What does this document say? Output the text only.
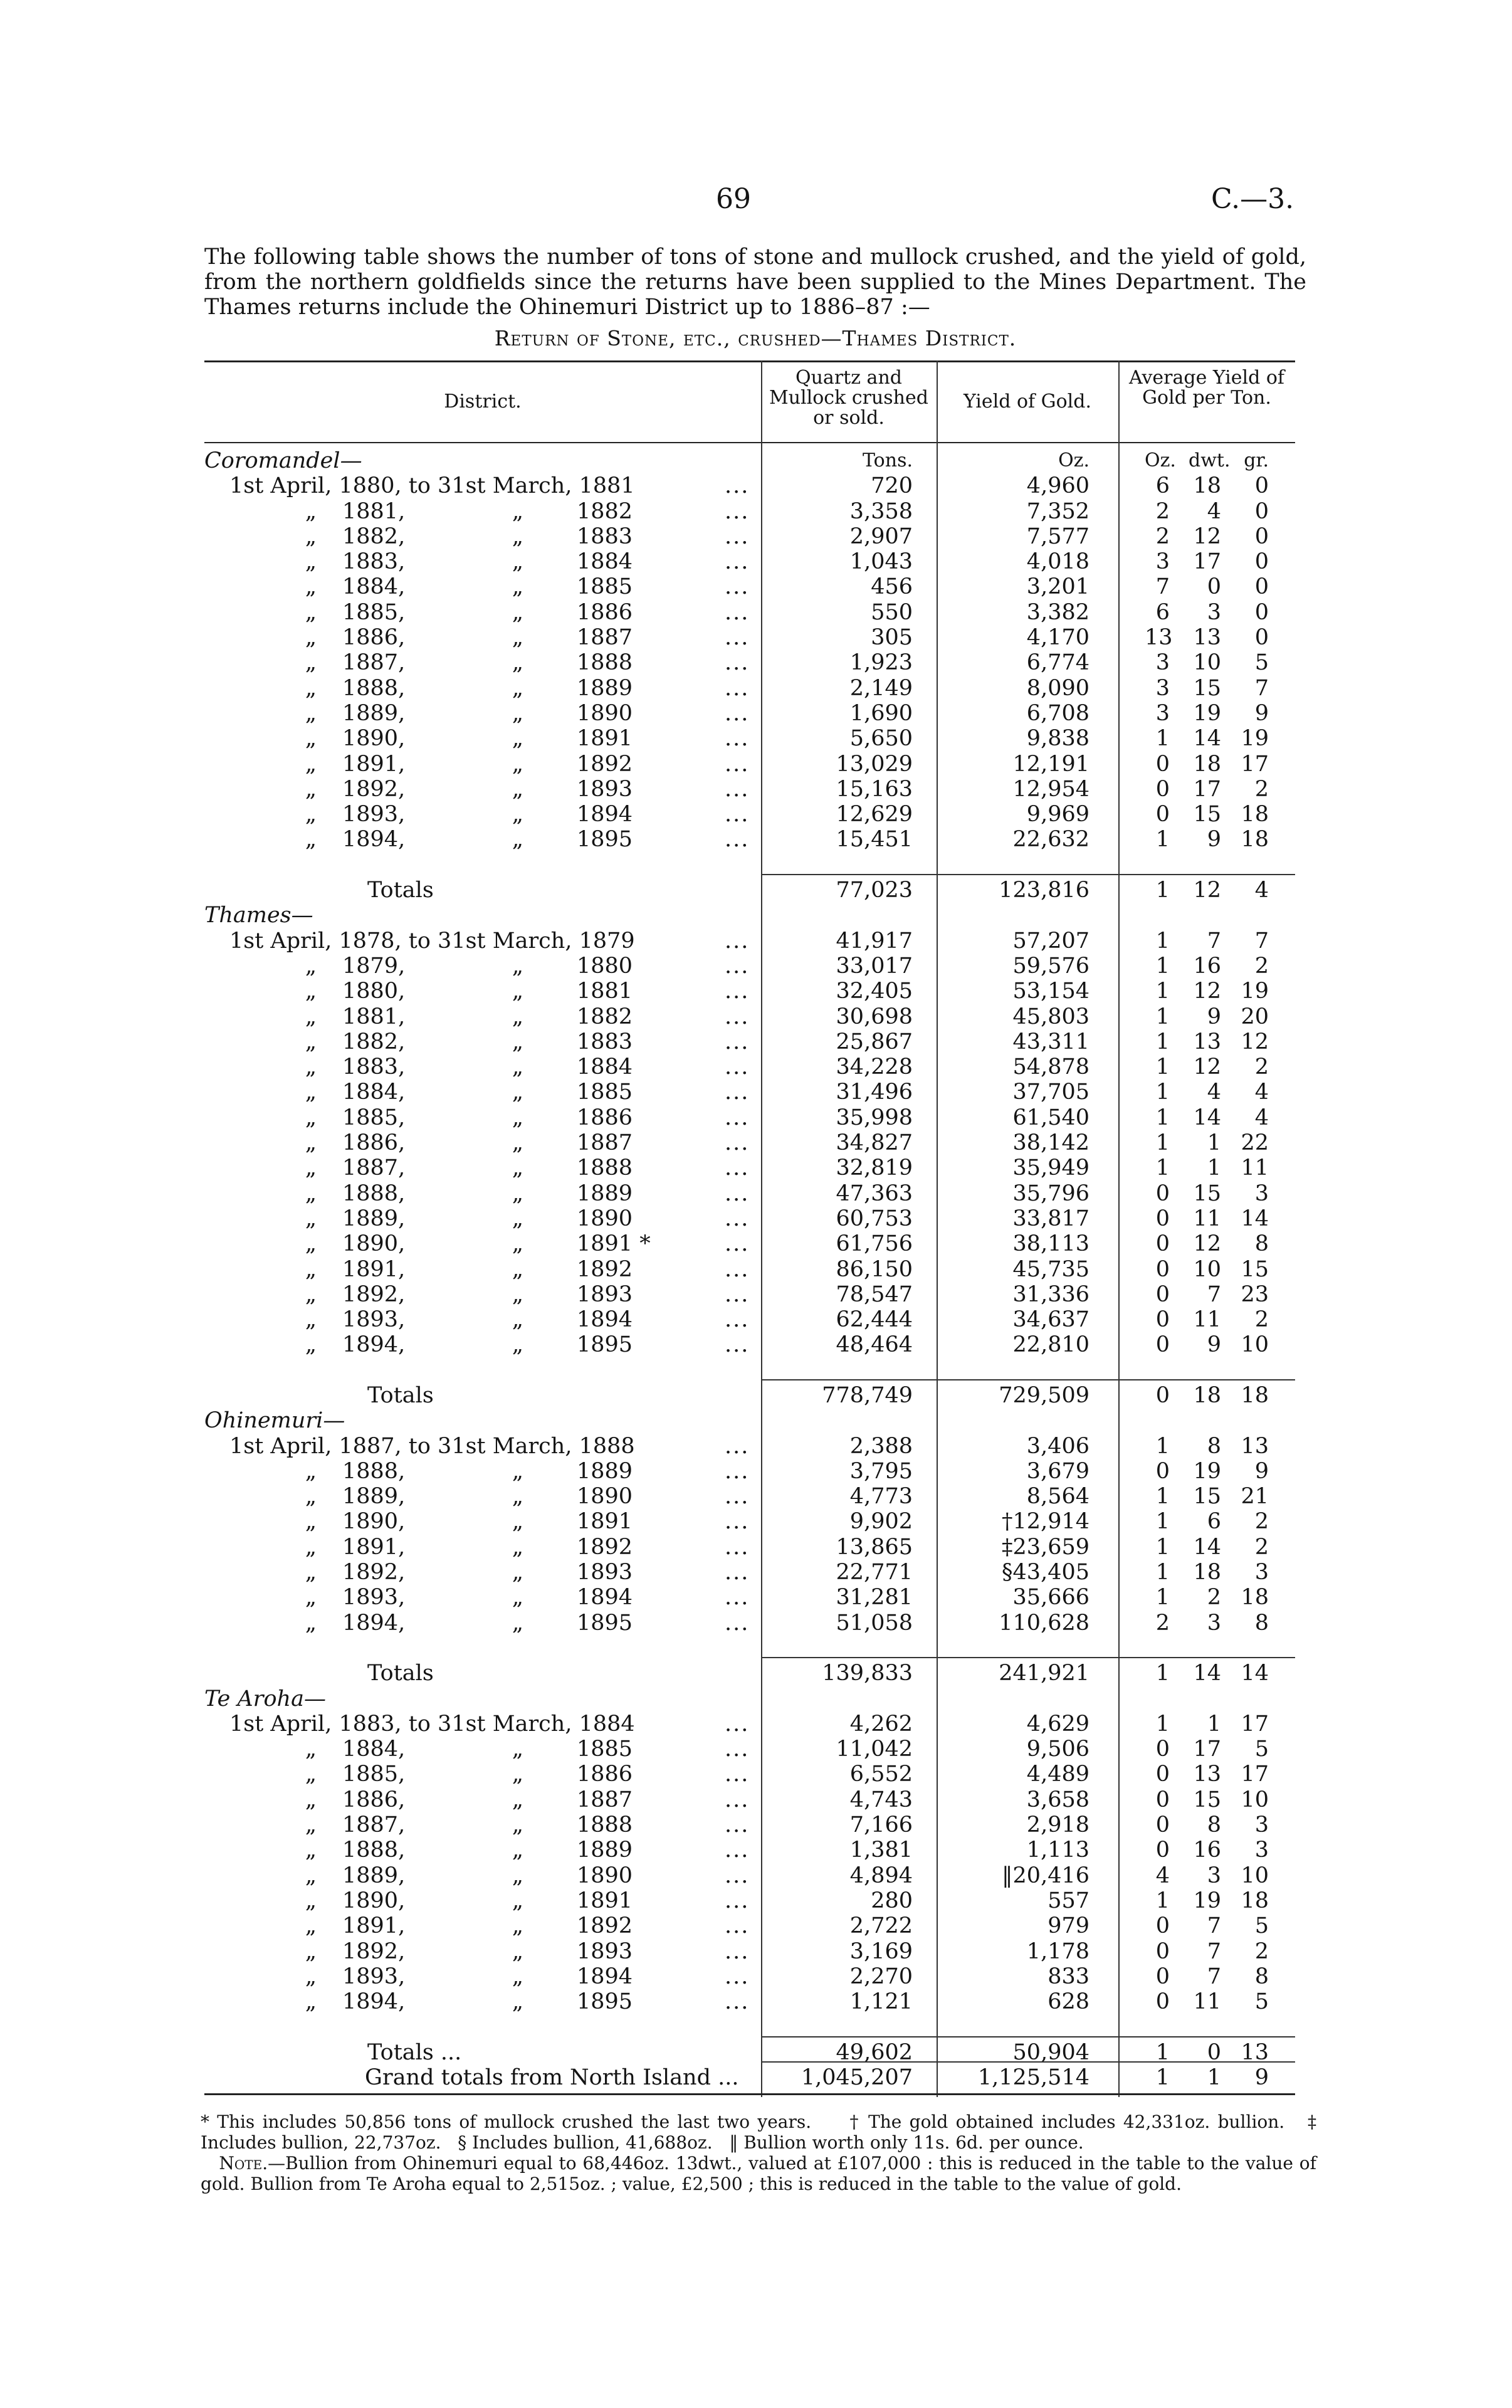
69	C.—3.
The following table shows the number of tons of stone and mullock crushed, and the yield of gold, from the northern goldfields since the returns have been supplied to the Mines Department. The Thames returns include the Ohinemuri District up to 1886–87 :—
Return of Stone, etc., crushed—Thames District.
District.
Quartz and Mullock crushed or sold.
Yield of Gold.
Average Yield of Gold per Ton.
Coromandel—	Tons.	Oz.	Oz. dwt. gr.
1st April, 1880, to 31st March, 1881	...	720	4,960	6 18	0
„	1881,	„	1882	...	3,358	7,352	2	4	0
„	1882,	„	1883	...	2,907	7,577	2 12	0
„	1883,	„	1884	...	1,043	4,018	3 17	0
„	1884,	„	1885	...	456	3,201	7	0	0
„	1885,	„	1886	...	550	3,382	6	3	0
„	1886,	„	1887	...	305	4,170	13 13	0
„	1887,	„	1888	...	1,923	6,774	3 10	5
„	1888,	„	1889	...	2,149	8,090	3 15	7
„	1889,	„	1890	...	1,690	6,708	3 19	9
„	1890,	„	1891	...	5,650	9,838	1 14 19
„	1891,	„	1892	...	13,029	12,191	0 18 17
„	1892,	„	1893	...	15,163	12,954	0 17	2
„	1893,	„	1894	...	12,629	9,969	0 15 18
„	1894,	„	1895	...	15,451	22,632	1	9 18
Totals	77,023	123,816	1 12	4
Thames—
1st April, 1878, to 31st March, 1879	...	41,917	57,207	1	7	7
„	1879,	„	1880	...	33,017	59,576	1 16	2
„	1880,	„	1881	...	32,405	53,154	1 12 19
„	1881,	„	1882	...	30,698	45,803	1	9 20
„	1882,	„	1883	...	25,867	43,311	1 13 12
„	1883,	„	1884	...	34,228	54,878	1 12	2
„	1884,	„	1885	...	31,496	37,705	1	4	4
„	1885,	„	1886	...	35,998	61,540	1 14	4
„	1886,	„	1887	...	34,827	38,142	1	1 22
„	1887,	„	1888	...	32,819	35,949	1	1 11
„	1888,	„	1889	...	47,363	35,796	0 15	3
„	1889,	„	1890	...	60,753	33,817	0 11 14
„	1890,	„	1891 *	...	61,756	38,113	0 12	8
„	1891,	„	1892	...	86,150	45,735	0 10 15
„	1892,	„	1893	...	78,547	31,336	0	7 23
„	1893,	„	1894	...	62,444	34,637	0 11	2
„	1894,	„	1895	...	48,464	22,810	0	9 10
Totals	778,749	729,509	0 18 18
Ohinemuri—
1st April, 1887, to 31st March, 1888	...	2,388	3,406	1	8 13
„	1888,	„	1889	...	3,795	3,679	0 19	9
„	1889,	„	1890	...	4,773	8,564	1 15 21
„	1890,	„	1891	...	9,902	†12,914	1	6	2
„	1891,	„	1892	...	13,865	‡23,659	1 14	2
„	1892,	„	1893	...	22,771	§43,405	1 18	3
„	1893,	„	1894	...	31,281	35,666	1	2 18
„	1894,	„	1895	...	51,058	110,628	2	3	8
Totals	139,833	241,921	1 14 14
Te Aroha—
1st April, 1883, to 31st March, 1884	...	4,262	4,629	1	1 17
„	1884,	„	1885	...	11,042	9,506	0 17	5
„	1885,	„	1886	...	6,552	4,489	0 13 17
„	1886,	„	1887	...	4,743	3,658	0 15 10
„	1887,	„	1888	...	7,166	2,918	0	8	3
„	1888,	„	1889	...	1,381	1,113	0 16	3
„	1889,	„	1890	...	4,894	‖20,416	4	3 10
„	1890,	„	1891	...	280	557	1 19 18
„	1891,	„	1892	...	2,722	979	0	7	5
„	1892,	„	1893	...	3,169	1,178	0	7	2
„	1893,	„	1894	...	2,270	833	0	7	8
„	1894,	„	1895	...	1,121	628	0 11	5
Totals ...	49,602	50,904	1	0 13
Grand totals from North Island ...	1,045,207	1,125,514	1	1	9

* This includes 50,856 tons of mullock crushed the last two years. † The gold obtained includes 42,331oz. bullion. ‡ Includes bullion, 22,737oz. § Includes bullion, 41,688oz. ‖ Bullion worth only 11s. 6d. per ounce.

Note.—Bullion from Ohinemuri equal to 68,446oz. 13dwt., valued at £107,000 : this is reduced in the table to the value of gold. Bullion from Te Aroha equal to 2,515oz. ; value, £2,500 ; this is reduced in the table to the value of gold.
